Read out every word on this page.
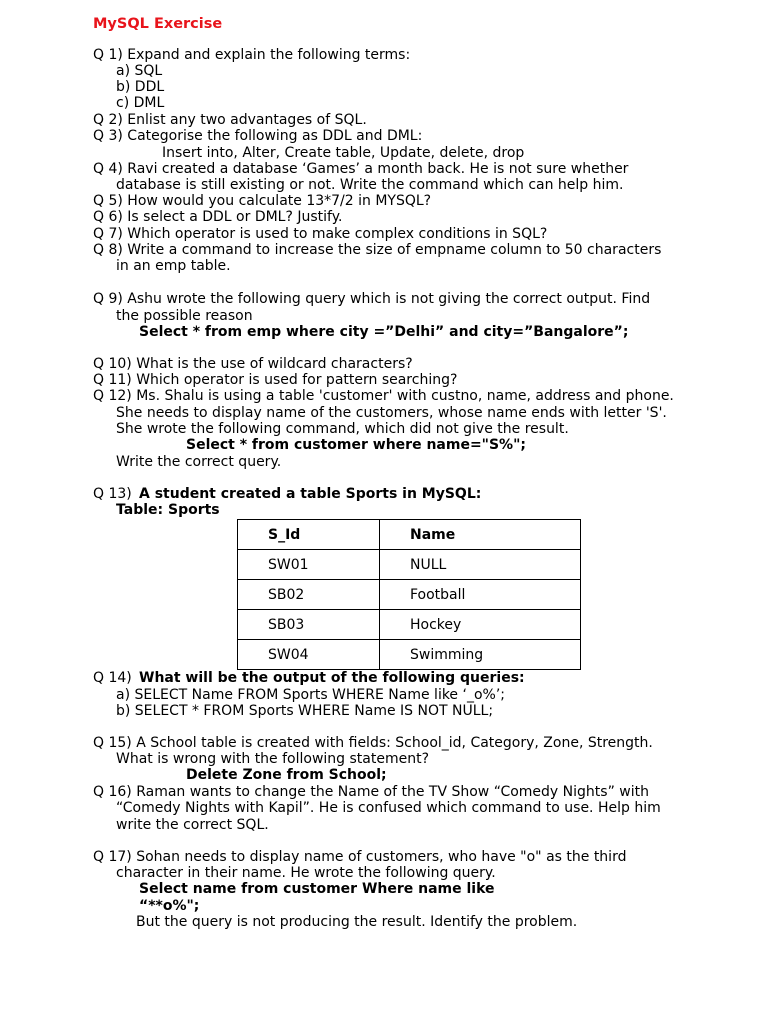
MySQL Exercise
Q 1) Expand and explain the following terms:
a) SQL
b) DDL
c) DML
Q 2) Enlist any two advantages of SQL.
Q 3) Categorise the following as DDL and DML:
Insert into, Alter, Create table, Update, delete, drop
Q 4) Ravi created a database ‘Games’ a month back. He is not sure whether
database is still existing or not. Write the command which can help him.
Q 5) How would you calculate 13*7/2 in MYSQL?
Q 6) Is select a DDL or DML? Justify.
Q 7) Which operator is used to make complex conditions in SQL?
Q 8) Write a command to increase the size of empname column to 50 characters
in an emp table.
Q 9) Ashu wrote the following query which is not giving the correct output. Find
the possible reason
Select * from emp where city =”Delhi” and city=”Bangalore”;
Q 10) What is the use of wildcard characters?
Q 11) Which operator is used for pattern searching?
Q 12) Ms. Shalu is using a table 'customer' with custno, name, address and phone.
She needs to display name of the customers, whose name ends with letter 'S'.
She wrote the following command, which did not give the result.
Select * from customer where name="S%";
Write the correct query.
Q 13) A student created a table Sports in MySQL:
Table: Sports
Q 14) What will be the output of the following queries:
a) SELECT Name FROM Sports WHERE Name like ‘_o%’;
b) SELECT * FROM Sports WHERE Name IS NOT NULL;
Q 15) A School table is created with fields: School_id, Category, Zone, Strength.
What is wrong with the following statement?
Delete Zone from School;
Q 16) Raman wants to change the Name of the TV Show “Comedy Nights” with
“Comedy Nights with Kapil”. He is confused which command to use. Help him
write the correct SQL.
Q 17) Sohan needs to display name of customers, who have "o" as the third
character in their name. He wrote the following query.
Select name from customer Where name like
“**o%";
But the query is not producing the result. Identify the problem.
S_Id	Name
SW01	NULL
SB02	Football
SB03	Hockey
SW04	Swimming
